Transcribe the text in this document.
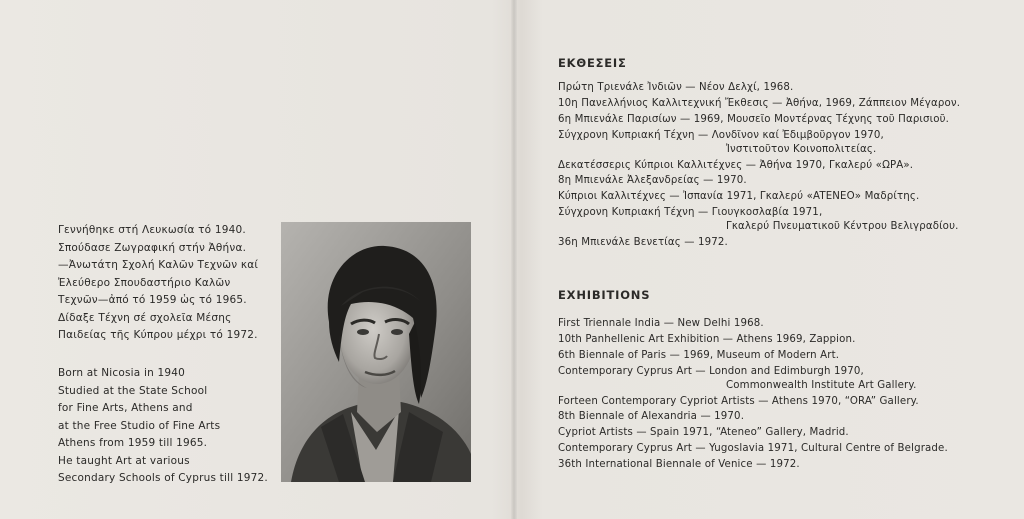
Γεννήθηκε στή Λευκωσία τό 1940.
Σπούδασε Ζωγραφική στήν Ἀθήνα.
—Ἀνωτάτη Σχολή Καλῶν Τεχνῶν καί
Ἐλεύθερο Σπουδαστήριο Καλῶν
Τεχνῶν—ἀπό τό 1959 ὡς τό 1965.
Δίδαξε Τέχνη σέ σχολεῖα Μέσης
Παιδείας τῆς Κύπρου μέχρι τό 1972.
Born at Nicosia in 1940
Studied at the State School
for Fine Arts, Athens and
at the Free Studio of Fine Arts
Athens from 1959 till 1965.
He taught Art at various
Secondary Schools of Cyprus till 1972.
ΕΚΘΕΣΕΙΣ
Πρώτη Τριενάλε Ἰνδιῶν — Νέον Δελχί, 1968.
10η Πανελλήνιος Καλλιτεχνική Ἔκθεσις — Ἀθήνα, 1969, Ζάππειον Μέγαρον.
6η Μπιενάλε Παρισίων — 1969, Μουσεῖο Μοντέρνας Τέχνης τοῦ Παρισιοῦ.
Σύγχρονη Κυπριακή Τέχνη — Λονδῖνον καί Ἐδιμβοῦργον 1970,
Ἰνστιτοῦτον Κοινοπολιτείας.
Δεκατέσσερις Κύπριοι Καλλιτέχνες — Ἀθήνα 1970, Γκαλερύ «ΩΡΑ».
8η Μπιενάλε Ἀλεξανδρείας — 1970.
Κύπριοι Καλλιτέχνες — Ἰσπανία 1971, Γκαλερύ «ATENEO» Μαδρίτης.
Σύγχρονη Κυπριακή Τέχνη — Γιουγκοσλαβία 1971,
Γκαλερύ Πνευματικοῦ Κέντρου Βελιγραδίου.
36η Μπιενάλε Βενετίας — 1972.
EXHIBITIONS
First Triennale India — New Delhi 1968.
10th Panhellenic Art Exhibition — Athens 1969, Zappion.
6th Biennale of Paris — 1969, Museum of Modern Art.
Contemporary Cyprus Art — London and Edimburgh 1970,
Commonwealth Institute Art Gallery.
Forteen Contemporary Cypriot Artists — Athens 1970, “ORA” Gallery.
8th Biennale of Alexandria — 1970.
Cypriot Artists — Spain 1971, “Ateneo” Gallery, Madrid.
Contemporary Cyprus Art — Yugoslavia 1971, Cultural Centre of Belgrade.
36th International Biennale of Venice — 1972.
